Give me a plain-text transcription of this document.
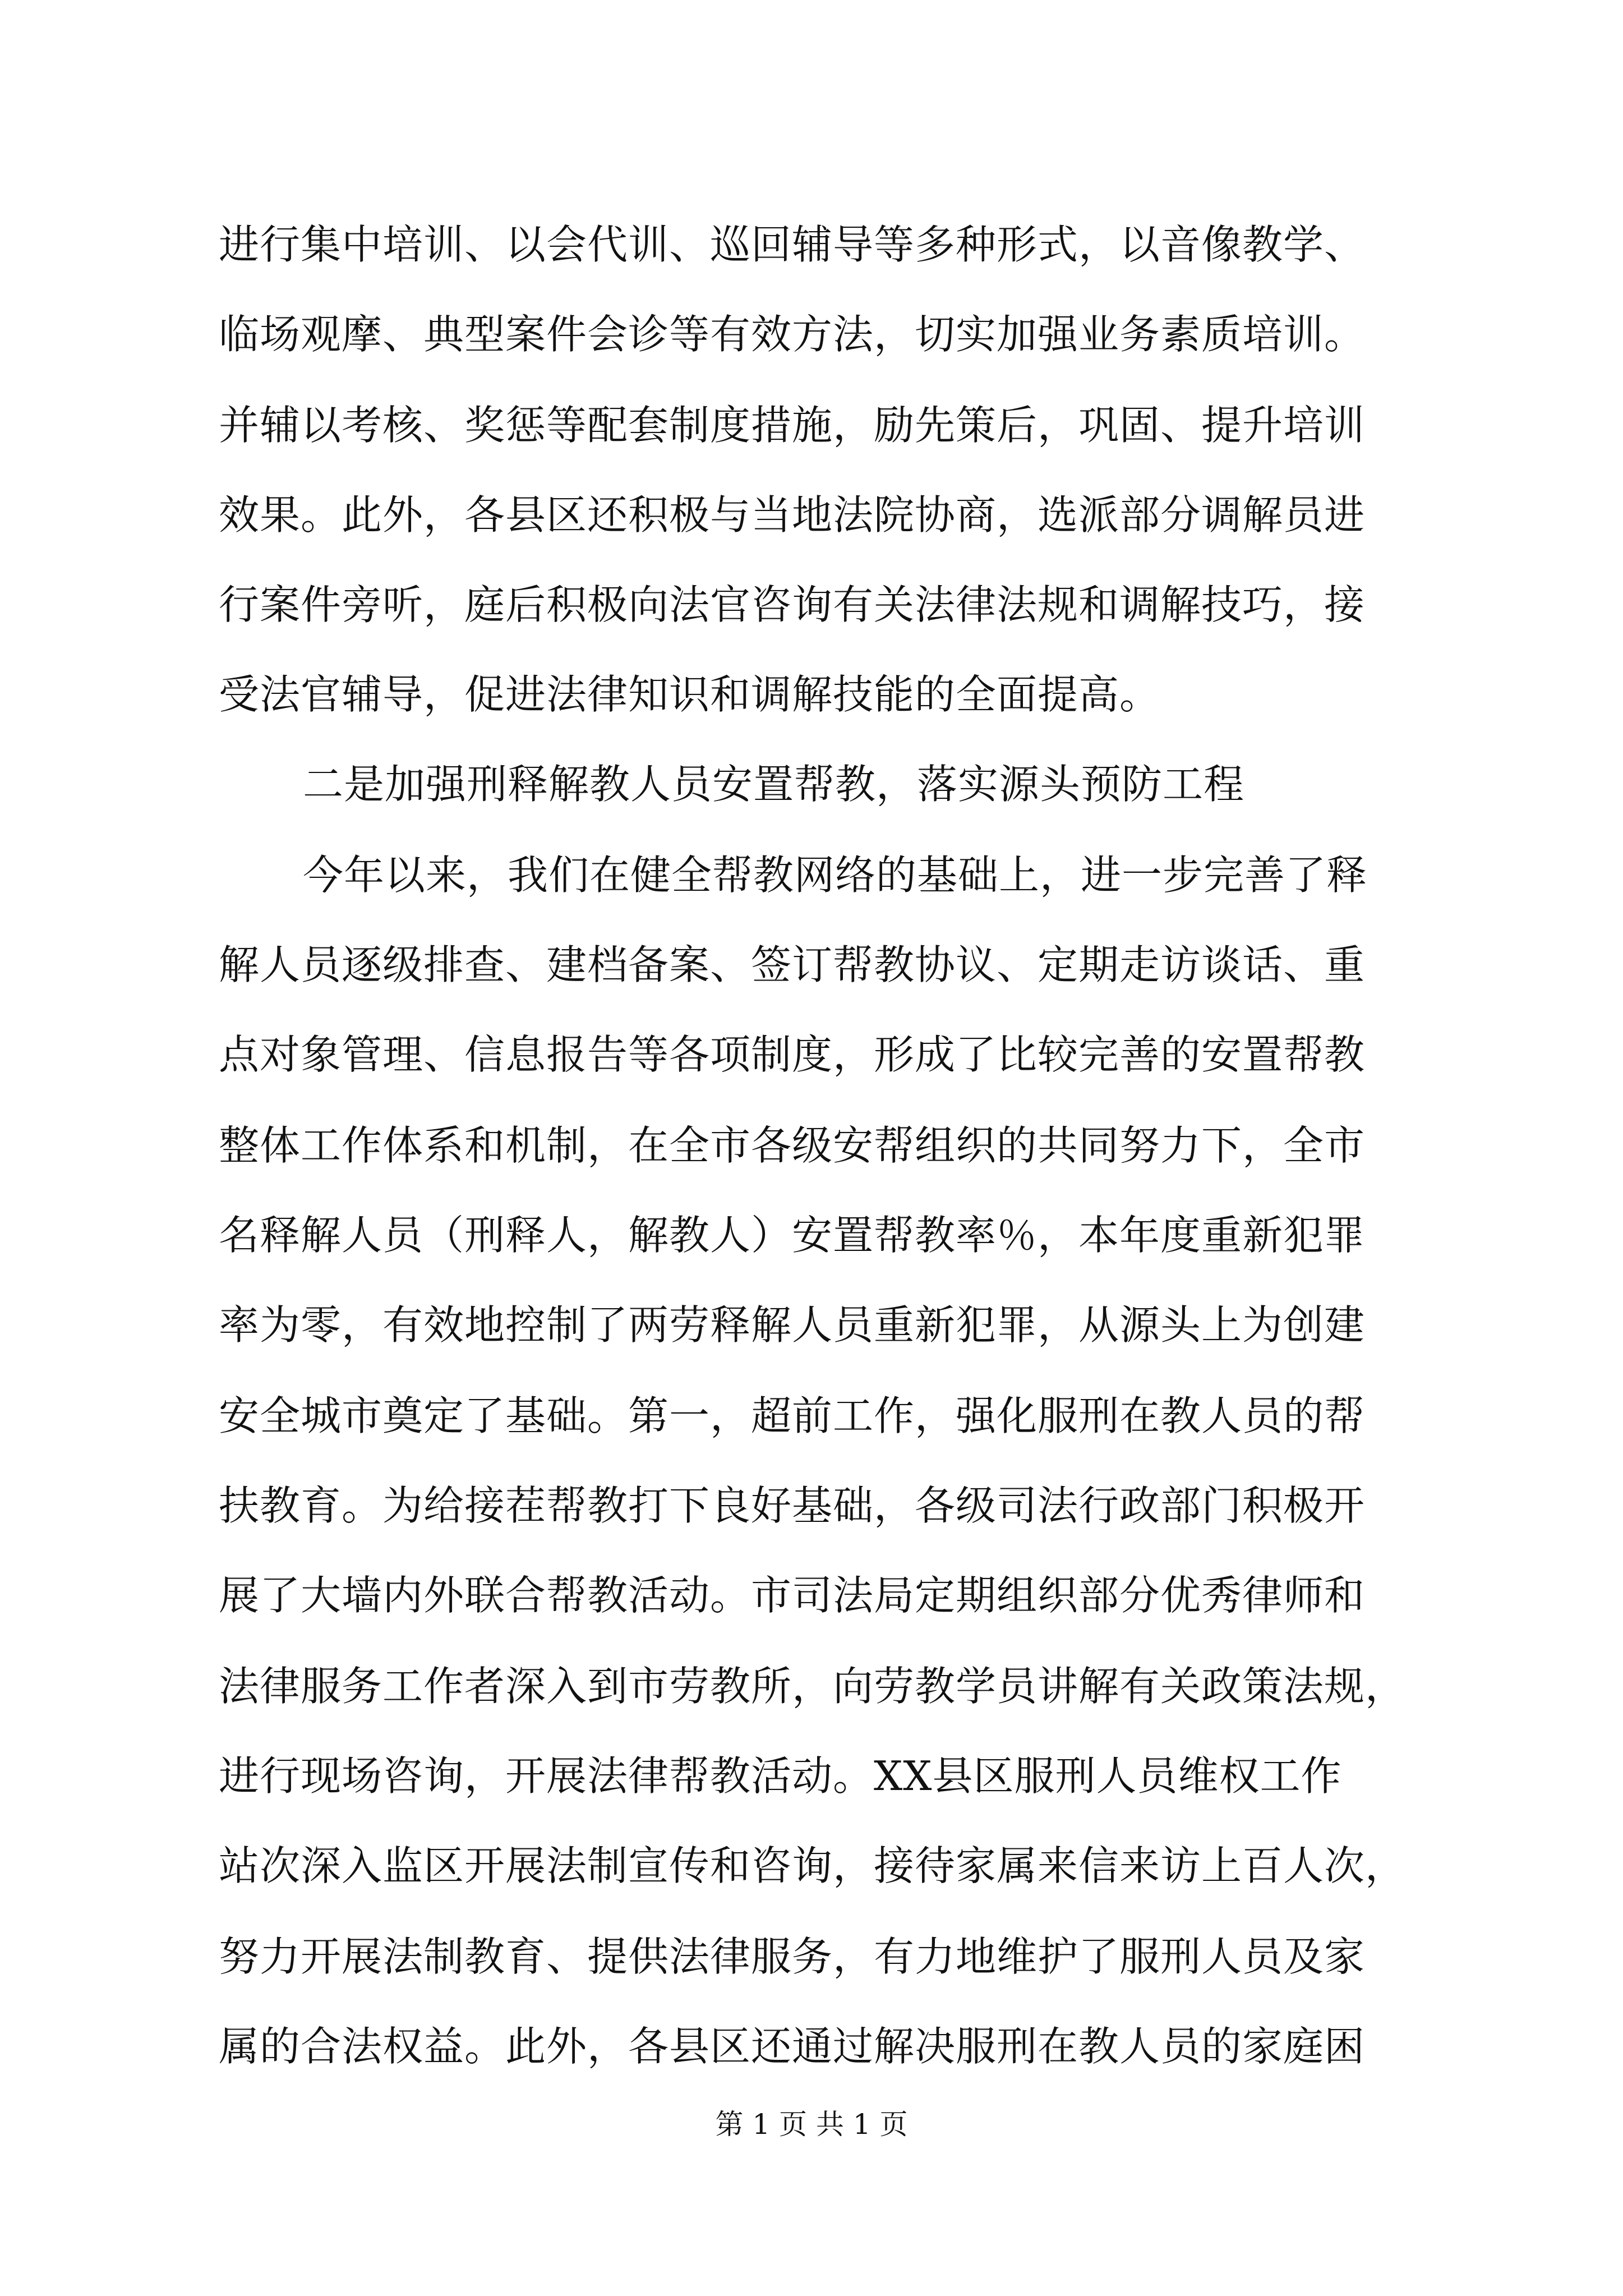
进行集中培训、以会代训、巡回辅导等多种形式，以音像教学、
临场观摩、典型案件会诊等有效方法，切实加强业务素质培训。
并辅以考核、奖惩等配套制度措施，励先策后，巩固、提升培训
效果。此外，各县区还积极与当地法院协商，选派部分调解员进
行案件旁听，庭后积极向法官咨询有关法律法规和调解技巧，接
受法官辅导，促进法律知识和调解技能的全面提高。
二是加强刑释解教人员安置帮教，落实源头预防工程
今年以来，我们在健全帮教网络的基础上，进一步完善了释
解人员逐级排查、建档备案、签订帮教协议、定期走访谈话、重
点对象管理、信息报告等各项制度，形成了比较完善的安置帮教
整体工作体系和机制，在全市各级安帮组织的共同努力下，全市
名释解人员（刑释人，解教人）安置帮教率％，本年度重新犯罪
率为零，有效地控制了两劳释解人员重新犯罪，从源头上为创建
安全城市奠定了基础。第一，超前工作，强化服刑在教人员的帮
扶教育。为给接茬帮教打下良好基础，各级司法行政部门积极开
展了大墙内外联合帮教活动。市司法局定期组织部分优秀律师和
法律服务工作者深入到市劳教所，向劳教学员讲解有关政策法规，
进行现场咨询，开展法律帮教活动。XX县区服刑人员维权工作
站次深入监区开展法制宣传和咨询，接待家属来信来访上百人次，
努力开展法制教育、提供法律服务，有力地维护了服刑人员及家
属的合法权益。此外，各县区还通过解决服刑在教人员的家庭困
第 1 页 共 1 页
